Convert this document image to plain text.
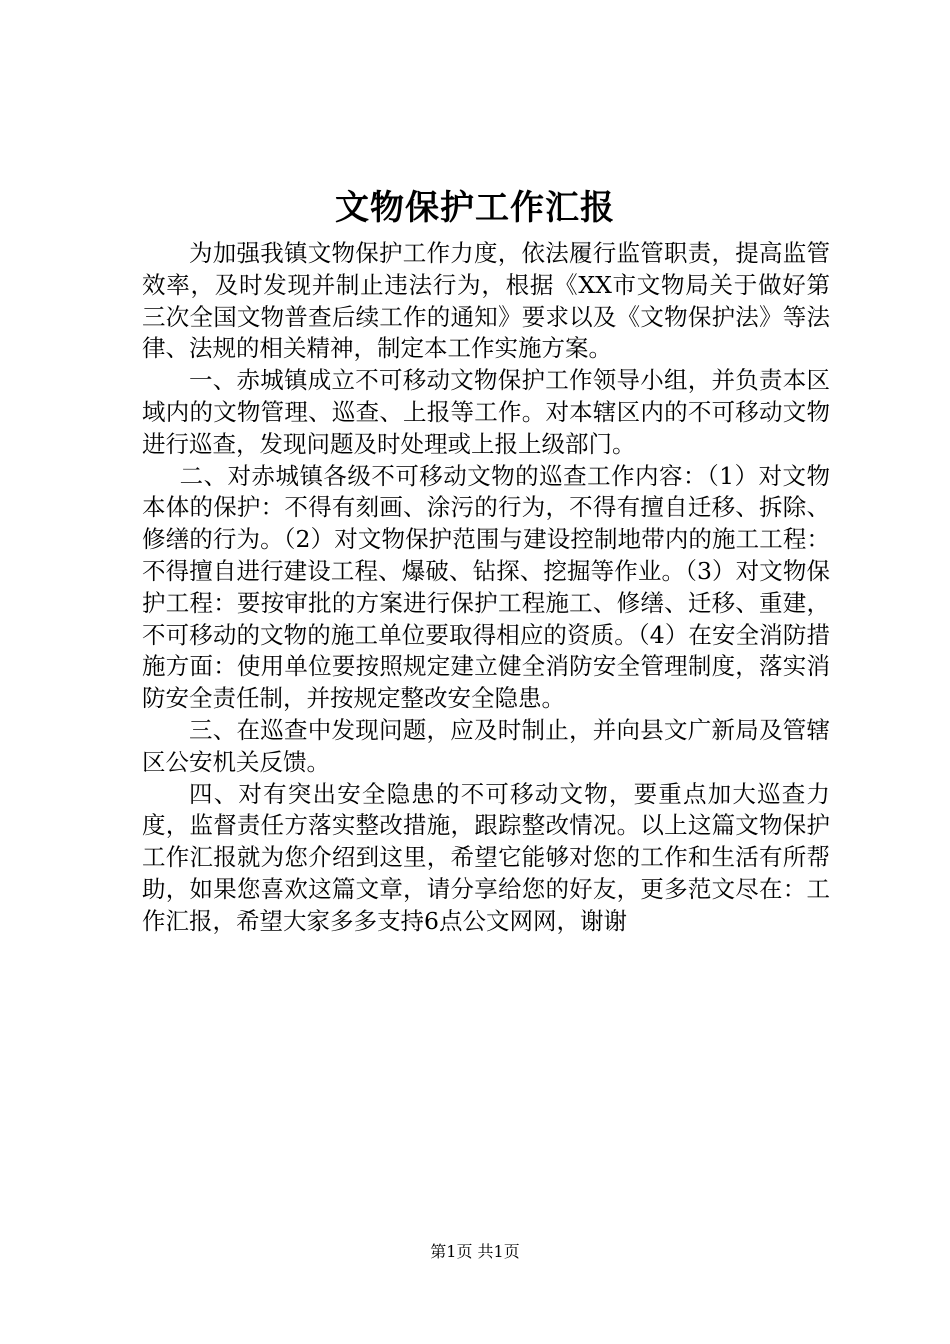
文物保护工作汇报

为加强我镇文物保护工作力度，依法履行监管职责，提高监管效率，及时发现并制止违法行为，根据《XX市文物局关于做好第三次全国文物普查后续工作的通知》要求以及《文物保护法》等法律、法规的相关精神，制定本工作实施方案。

一、赤城镇成立不可移动文物保护工作领导小组，并负责本区域内的文物管理、巡查、上报等工作。对本辖区内的不可移动文物进行巡查，发现问题及时处理或上报上级部门。

二、对赤城镇各级不可移动文物的巡查工作内容：（1）对文物本体的保护：不得有刻画、涂污的行为，不得有擅自迁移、拆除、修缮的行为。（2）对文物保护范围与建设控制地带内的施工工程：不得擅自进行建设工程、爆破、钻探、挖掘等作业。（3）对文物保护工程：要按审批的方案进行保护工程施工、修缮、迁移、重建，不可移动的文物的施工单位要取得相应的资质。（4）在安全消防措施方面：使用单位要按照规定建立健全消防安全管理制度，落实消防安全责任制，并按规定整改安全隐患。

三、在巡查中发现问题，应及时制止，并向县文广新局及管辖区公安机关反馈。

四、对有突出安全隐患的不可移动文物，要重点加大巡查力度，监督责任方落实整改措施，跟踪整改情况。以上这篇文物保护工作汇报就为您介绍到这里，希望它能够对您的工作和生活有所帮助，如果您喜欢这篇文章，请分享给您的好友，更多范文尽在：工作汇报，希望大家多多支持6点公文网网，谢谢

第1页 共1页
